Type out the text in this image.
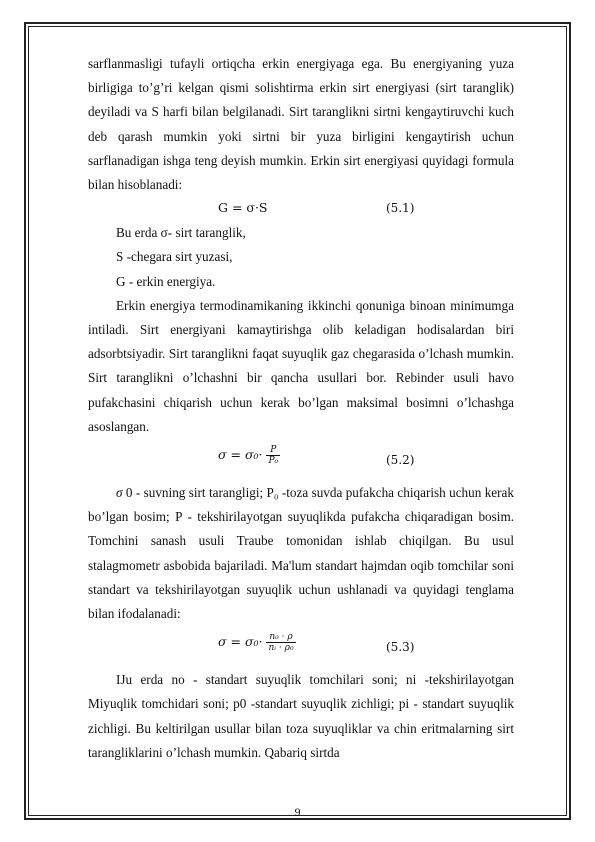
sarflanmasligi tufayli ortiqcha erkin energiyaga ega. Bu energiyaning yuza birligiga to’g’ri kelgan qismi solishtirma erkin sirt energiyasi (sirt taranglik) deyiladi va S harfi bilan belgilanadi. Sirt taranglikni sirtni kengaytiruvchi kuch deb qarash mumkin yoki sirtni bir yuza birligini kengaytirish uchun sarflanadigan ishga teng deyish mumkin. Erkin sirt energiyasi quyidagi formula bilan hisoblanadi:

G = σ·S	(5.1)

Bu erda σ- sirt taranglik,

S -chegara sirt yuzasi,

G - erkin energiya.

Erkin energiya termodinamikaning ikkinchi qonuniga binoan minimumga intiladi. Sirt energiyani kamaytirishga olib keladigan hodisalardan biri adsorbtsiyadir. Sirt taranglikni faqat suyuqlik gaz chegarasida o’lchash mumkin. Sirt taranglikni o’lchashni bir qancha usullari bor. Rebinder usuli havo pufakchasini chiqarish uchun kerak bo’lgan maksimal bosimni o’lchashga asoslangan.

$\sigma = \sigma_0\cdot \frac{P}{\text{P₀}}$	(5.2)

σ 0 - suvning sirt tarangligi; P₀ -toza suvda pufakcha chiqarish uchun kerak bo’lgan bosim; P - tekshirilayotgan suyuqlikda pufakcha chiqaradigan bosim. Tomchini sanash usuli Traube tomonidan ishlab chiqilgan. Bu usul stalagmometr asbobida bajariladi. Ma'lum standart hajmdan oqib tomchilar soni standart va tekshirilayotgan suyuqlik uchun ushlanadi va quyidagi tenglama bilan ifodalanadi:

$\sigma = \sigma_0\cdot \frac{\text{n₀ · ρ}}{\text{nᵢ · ρ₀}}$	(5.3)

IJu erda no - standart suyuqlik tomchilari soni; ni -tekshirilayotgan Miyuqlik tomchidari soni; p0 -standart suyuqlik zichligi; pi - standart suyuqlik zichligi. Bu keltirilgan usullar bilan toza suyuqliklar va chin eritmalarning sirt tarangliklarini o’lchash mumkin. Qabariq sirtda

9
